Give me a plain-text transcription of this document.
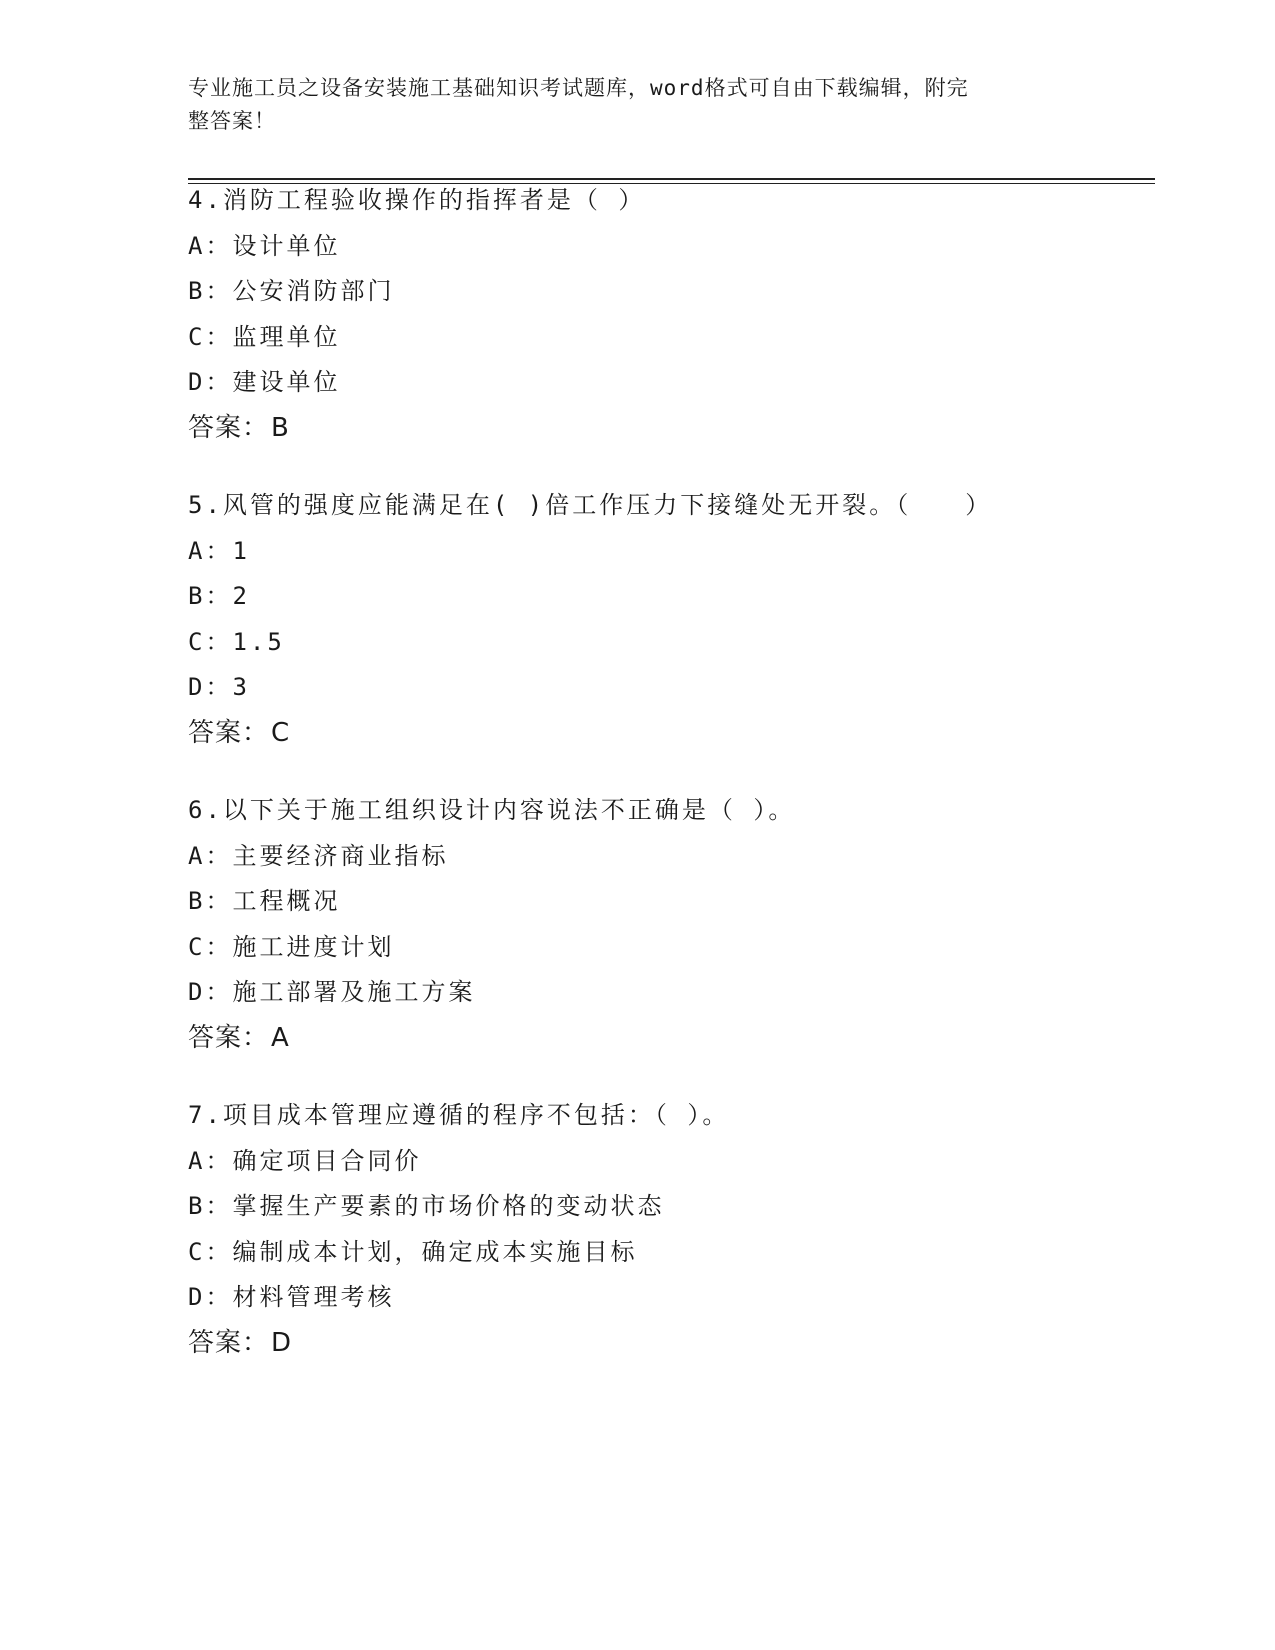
专业施工员之设备安装施工基础知识考试题库，word格式可自由下载编辑，附完
整答案！
4.消防工程验收操作的指挥者是（ ）
A：设计单位
B：公安消防部门
C：监理单位
D：建设单位
答案：B
5.风管的强度应能满足在( )倍工作压力下接缝处无开裂。（　　）
A：1
B：2
C：1.5
D：3
答案：C
6.以下关于施工组织设计内容说法不正确是（ ）。
A：主要经济商业指标
B：工程概况
C：施工进度计划
D：施工部署及施工方案
答案：A
7.项目成本管理应遵循的程序不包括：（ ）。
A：确定项目合同价
B：掌握生产要素的市场价格的变动状态
C：编制成本计划，确定成本实施目标
D：材料管理考核
答案：D
